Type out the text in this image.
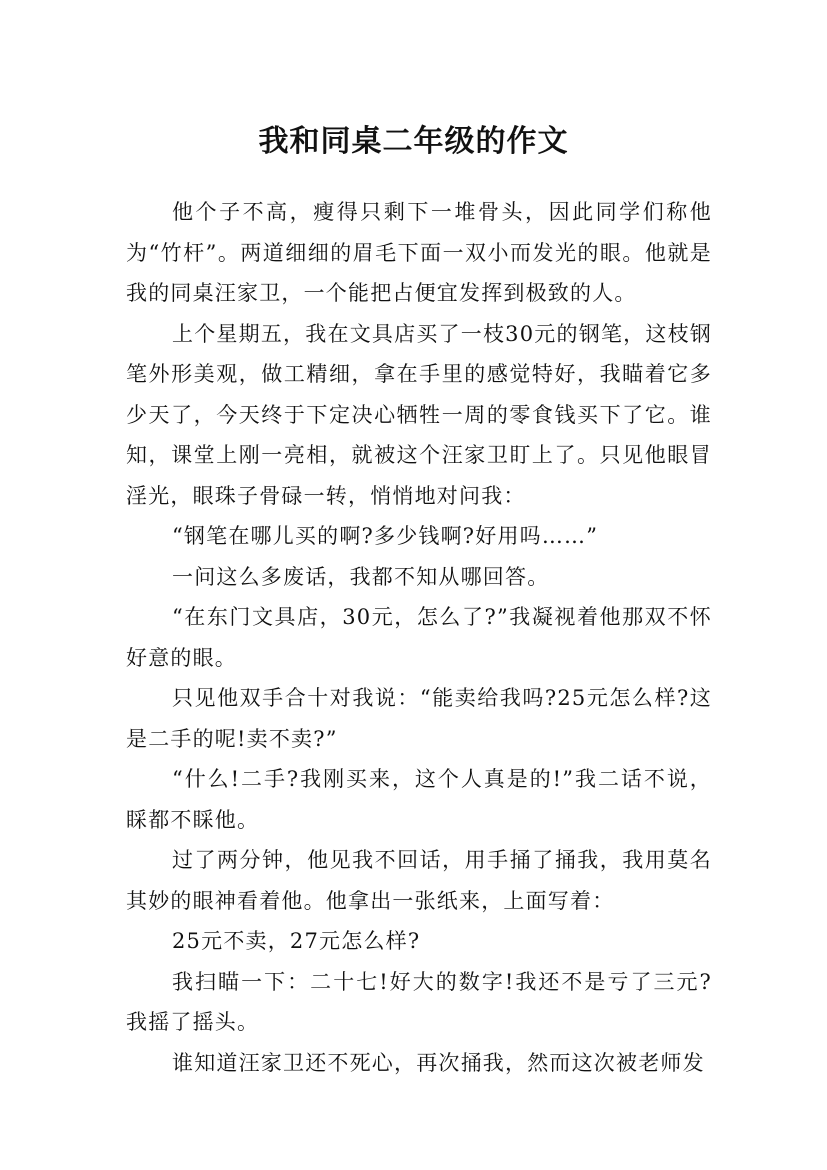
我和同桌二年级的作文

他个子不高，瘦得只剩下一堆骨头，因此同学们称他为“竹杆”。两道细细的眉毛下面一双小而发光的眼。他就是我的同桌汪家卫，一个能把占便宜发挥到极致的人。

上个星期五，我在文具店买了一枝30元的钢笔，这枝钢笔外形美观，做工精细，拿在手里的感觉特好，我瞄着它多少天了，今天终于下定决心牺牲一周的零食钱买下了它。谁知，课堂上刚一亮相，就被这个汪家卫盯上了。只见他眼冒淫光，眼珠子骨碌一转，悄悄地对问我：

“钢笔在哪儿买的啊?多少钱啊?好用吗……”

一问这么多废话，我都不知从哪回答。

“在东门文具店，30元，怎么了?”我凝视着他那双不怀好意的眼。

只见他双手合十对我说：“能卖给我吗?25元怎么样?这是二手的呢!卖不卖?”

“什么!二手?我刚买来，这个人真是的!”我二话不说，睬都不睬他。

过了两分钟，他见我不回话，用手捅了捅我，我用莫名其妙的眼神看着他。他拿出一张纸来，上面写着：

25元不卖，27元怎么样?

我扫瞄一下：二十七!好大的数字!我还不是亏了三元?我摇了摇头。

谁知道汪家卫还不死心，再次捅我，然而这次被老师发
